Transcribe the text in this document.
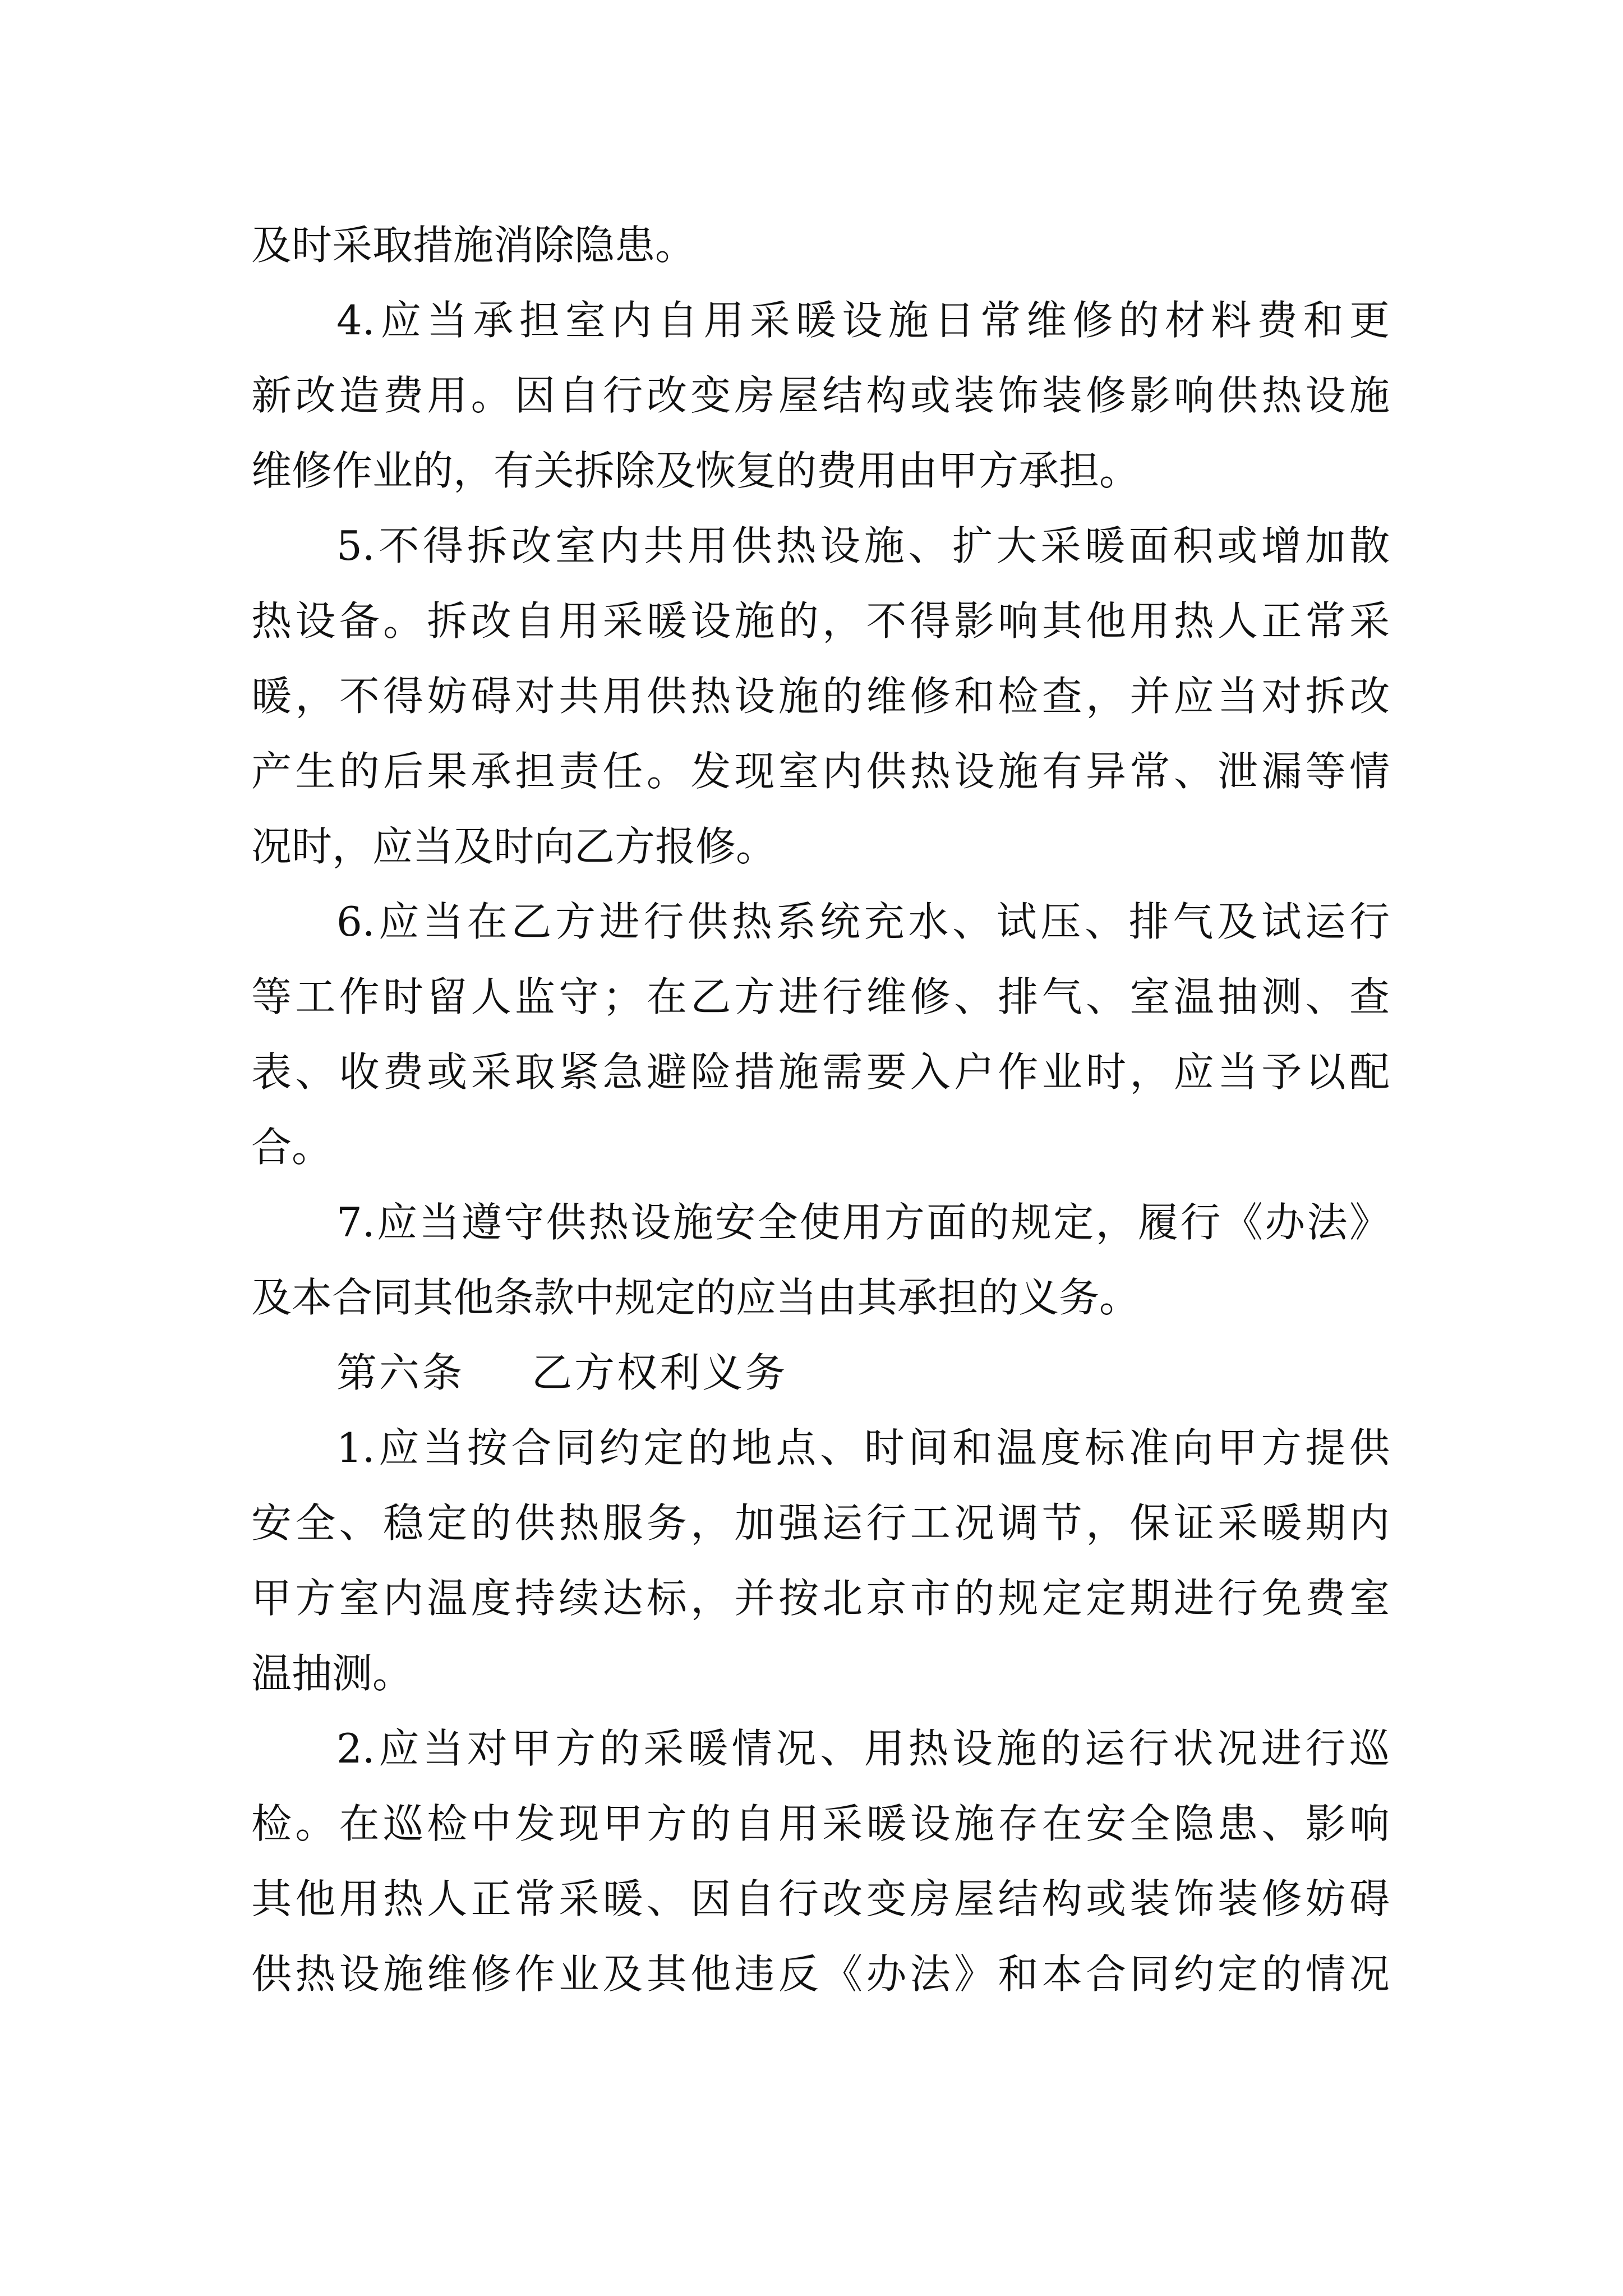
及时采取措施消除隐患。
4.应当承担室内自用采暖设施日常维修的材料费和更
新改造费用。因自行改变房屋结构或装饰装修影响供热设施
维修作业的，有关拆除及恢复的费用由甲方承担。
5.不得拆改室内共用供热设施、扩大采暖面积或增加散
热设备。拆改自用采暖设施的，不得影响其他用热人正常采
暖，不得妨碍对共用供热设施的维修和检查，并应当对拆改
产生的后果承担责任。发现室内供热设施有异常、泄漏等情
况时，应当及时向乙方报修。
6.应当在乙方进行供热系统充水、试压、排气及试运行
等工作时留人监守；在乙方进行维修、排气、室温抽测、查
表、收费或采取紧急避险措施需要入户作业时，应当予以配
合。
7.应当遵守供热设施安全使用方面的规定，履行《办法》
及本合同其他条款中规定的应当由其承担的义务。
第六条 乙方权利义务
1.应当按合同约定的地点、时间和温度标准向甲方提供
安全、稳定的供热服务，加强运行工况调节，保证采暖期内
甲方室内温度持续达标，并按北京市的规定定期进行免费室
温抽测。
2.应当对甲方的采暖情况、用热设施的运行状况进行巡
检。在巡检中发现甲方的自用采暖设施存在安全隐患、影响
其他用热人正常采暖、因自行改变房屋结构或装饰装修妨碍
供热设施维修作业及其他违反《办法》和本合同约定的情况
